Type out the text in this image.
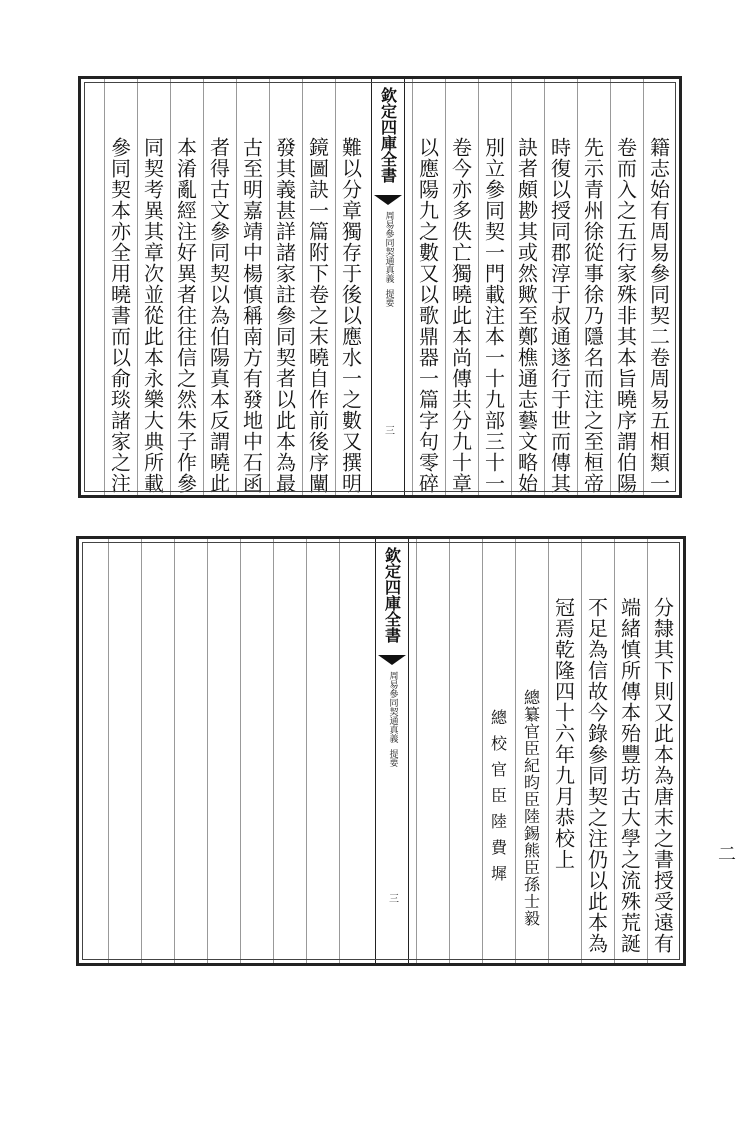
籍志始有周易參同契二卷周易五相類一
卷而入之五行家殊非其本旨曉序謂伯陽
先示青州徐從事徐乃隱名而注之至桓帝
時復以授同郡淳于叔通遂行于世而傳其
訣者頗尠其或然歟至鄭樵通志藝文略始
別立參同契一門載注本一十九部三十一
卷今亦多佚亡獨曉此本尚傳共分九十章
以應陽九之數又以歌鼎器一篇字句零碎
欽定四庫全書
周易參同契通真義
提要
三
難以分章獨存于後以應水一之數又撰明
鏡圖訣一篇附下卷之末曉自作前後序闡
發其義甚詳諸家註參同契者以此本為最
古至明嘉靖中楊慎稱南方有發地中石函
者得古文參同契以為伯陽真本反謂曉此
本淆亂經注好異者往往信之然朱子作參
同契考異其章次並從此本永樂大典所載
參同契本亦全用曉書而以俞琰諸家之注
分隸其下則又此本為唐末之書授受遠有
端緒慎所傳本殆豐坊古大學之流殊荒誕
不足為信故今錄參同契之注仍以此本為
冠焉乾隆四十六年九月恭校上
總纂官臣紀昀臣陸錫熊臣孫士毅
總校官臣陸費墀
欽定四庫全書
周易參同契通真義
提要
三
二
